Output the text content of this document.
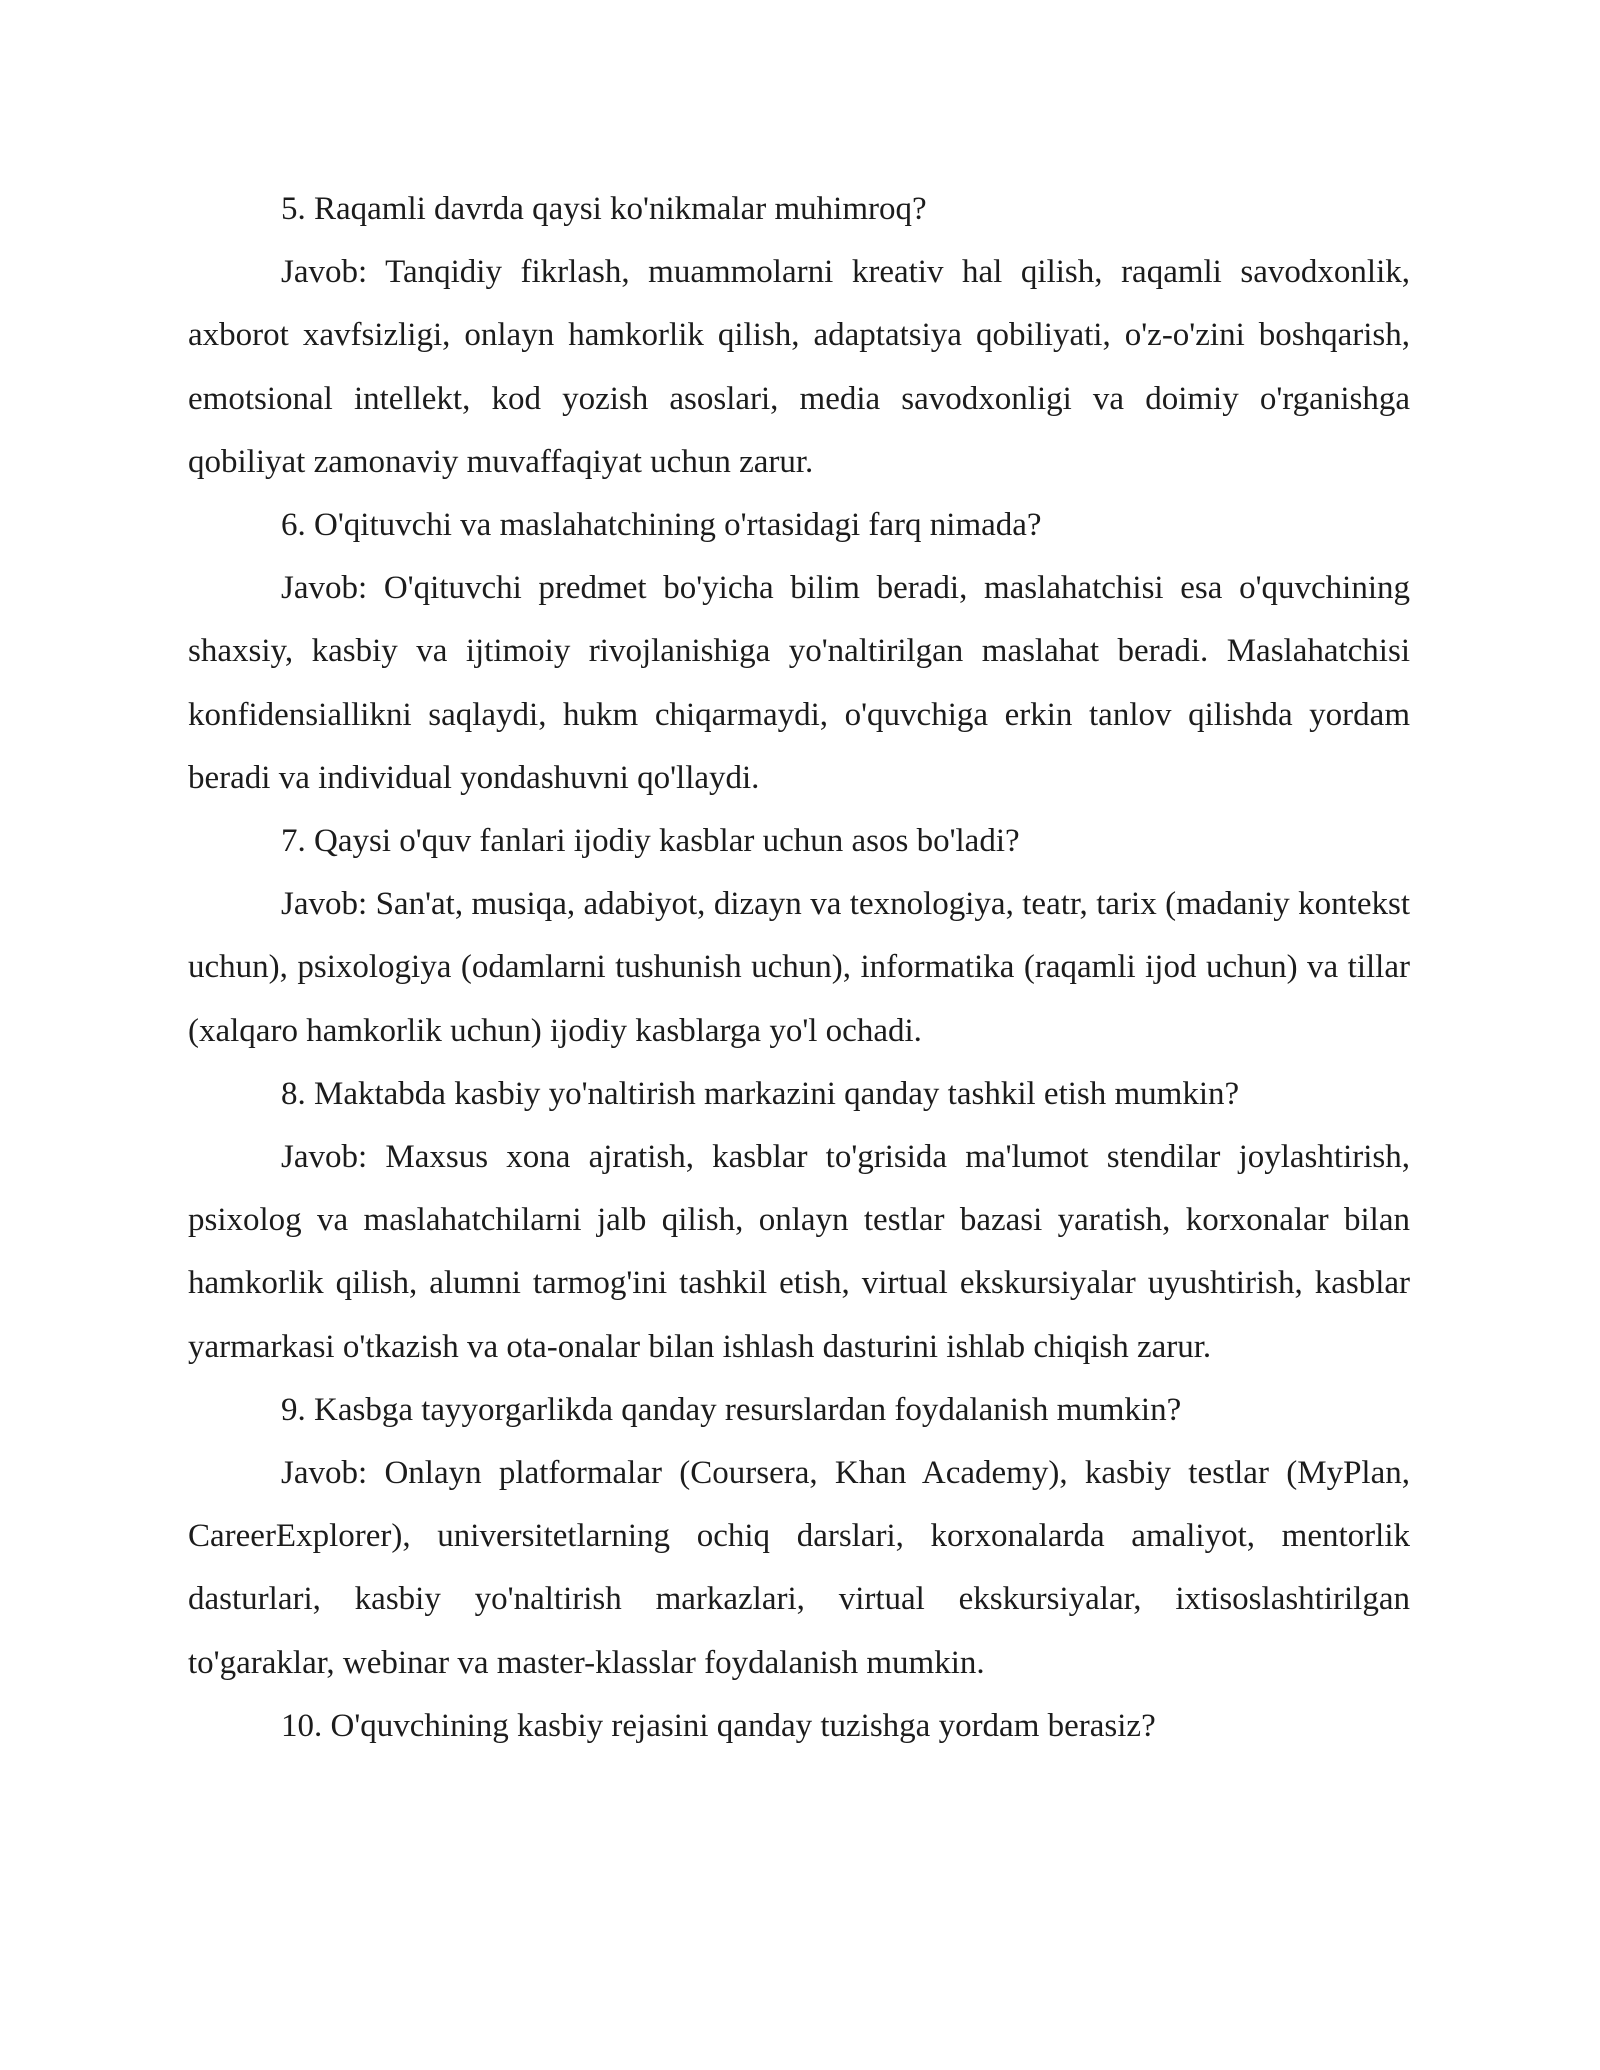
5. Raqamli davrda qaysi ko'nikmalar muhimroq?

Javob: Tanqidiy fikrlash, muammolarni kreativ hal qilish, raqamli savodxonlik, axborot xavfsizligi, onlayn hamkorlik qilish, adaptatsiya qobiliyati, o'z-o'zini boshqarish, emotsional intellekt, kod yozish asoslari, media savodxonligi va doimiy o'rganishga qobiliyat zamonaviy muvaffaqiyat uchun zarur.

6. O'qituvchi va maslahatchining o'rtasidagi farq nimada?

Javob: O'qituvchi predmet bo'yicha bilim beradi, maslahatchisi esa o'quvchining shaxsiy, kasbiy va ijtimoiy rivojlanishiga yo'naltirilgan maslahat beradi. Maslahatchisi konfidensiallikni saqlaydi, hukm chiqarmaydi, o'quvchiga erkin tanlov qilishda yordam beradi va individual yondashuvni qo'llaydi.

7. Qaysi o'quv fanlari ijodiy kasblar uchun asos bo'ladi?

Javob: San'at, musiqa, adabiyot, dizayn va texnologiya, teatr, tarix (madaniy kontekst uchun), psixologiya (odamlarni tushunish uchun), informatika (raqamli ijod uchun) va tillar (xalqaro hamkorlik uchun) ijodiy kasblarga yo'l ochadi.

8. Maktabda kasbiy yo'naltirish markazini qanday tashkil etish mumkin?

Javob: Maxsus xona ajratish, kasblar to'grisida ma'lumot stendilar joylashtirish, psixolog va maslahatchilarni jalb qilish, onlayn testlar bazasi yaratish, korxonalar bilan hamkorlik qilish, alumni tarmog'ini tashkil etish, virtual ekskursiyalar uyushtirish, kasblar yarmarkasi o'tkazish va ota-onalar bilan ishlash dasturini ishlab chiqish zarur.

9. Kasbga tayyorgarlikda qanday resurslardan foydalanish mumkin?

Javob: Onlayn platformalar (Coursera, Khan Academy), kasbiy testlar (MyPlan, CareerExplorer), universitetlarning ochiq darslari, korxonalarda amaliyot, mentorlik dasturlari, kasbiy yo'naltirish markazlari, virtual ekskursiyalar, ixtisoslashtirilgan to'garaklar, webinar va master-klasslar foydalanish mumkin.

10. O'quvchining kasbiy rejasini qanday tuzishga yordam berasiz?
